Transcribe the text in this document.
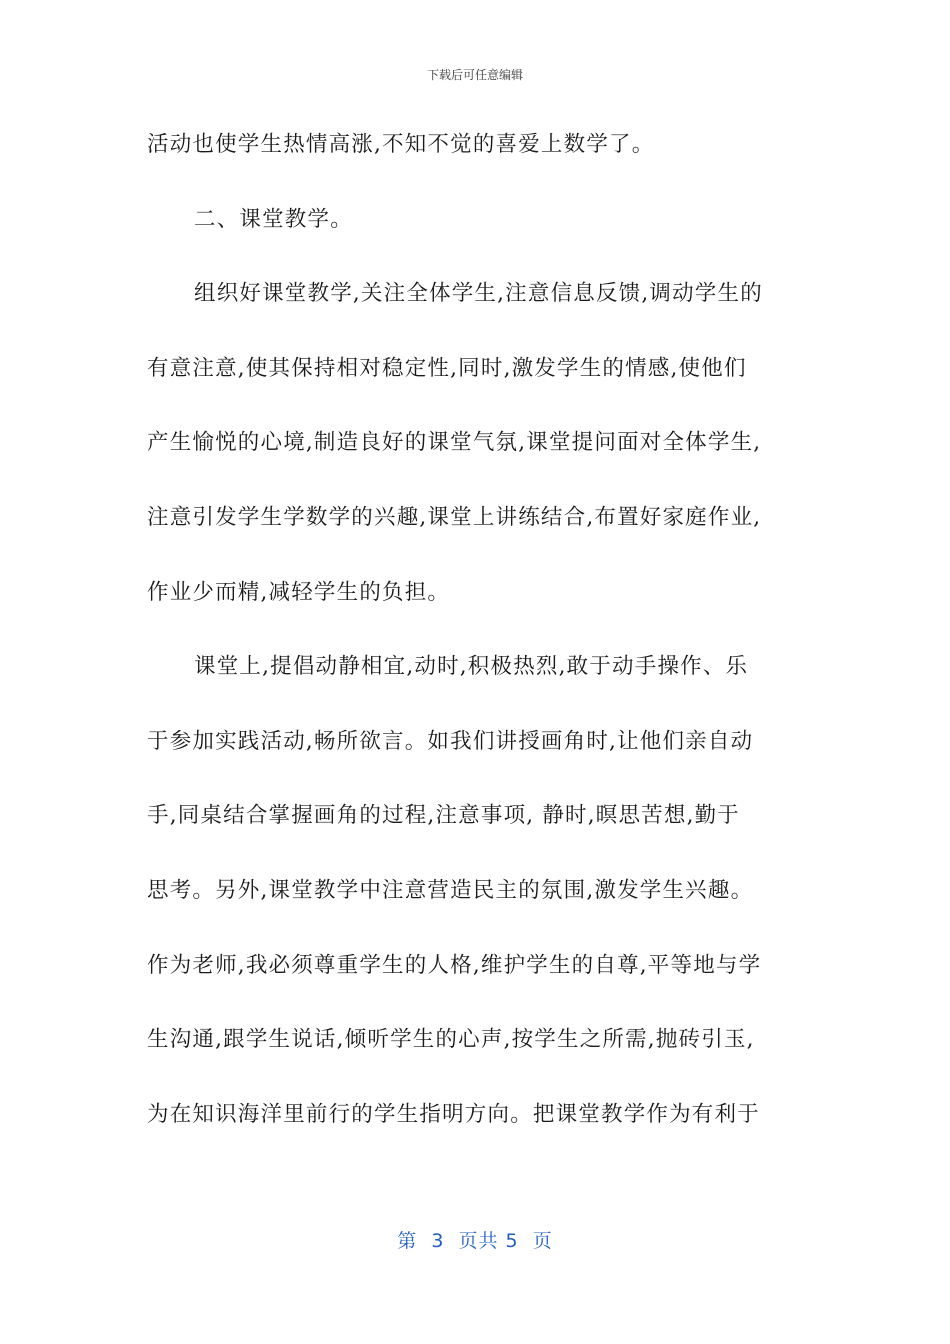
下载后可任意编辑
活动也使学生热情高涨,不知不觉的喜爱上数学了。
二、课堂教学。
组织好课堂教学,关注全体学生,注意信息反馈,调动学生的
有意注意,使其保持相对稳定性,同时,激发学生的情感,使他们
产生愉悦的心境,制造良好的课堂气氛,课堂提问面对全体学生,
注意引发学生学数学的兴趣,课堂上讲练结合,布置好家庭作业,
作业少而精,减轻学生的负担。
课堂上,提倡动静相宜,动时,积极热烈,敢于动手操作、乐
于参加实践活动,畅所欲言。如我们讲授画角时,让他们亲自动
手,同桌结合掌握画角的过程,注意事项, 静时,暝思苦想,勤于
思考。另外,课堂教学中注意营造民主的氛围,激发学生兴趣。
作为老师,我必须尊重学生的人格,维护学生的自尊,平等地与学
生沟通,跟学生说话,倾听学生的心声,按学生之所需,抛砖引玉,
为在知识海洋里前行的学生指明方向。把课堂教学作为有利于
第  3  页共 5  页
